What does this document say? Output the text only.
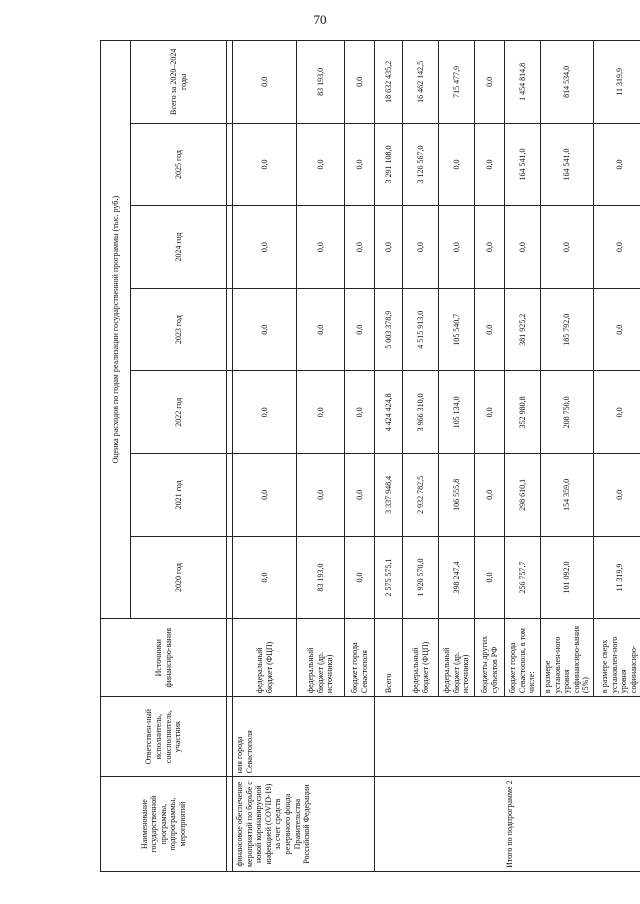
70
Наименование государственной программы, подпрограммы, мероприятий	Ответствен-ный исполнитель, соисполнитель, участник	Источники финансиро-вания	Оценка расходов по годам реализации государственной программы (тыс. руб.)						
			2020 год	2021 год	2022 год	2023 год	2024 год	2025 год	Всего за 2020–2024 годы

финансовое обеспечение мероприятий по борьбе с новой коронавирусной инфекцией (COVID-19) за счет средств резервного фонда Правительства Российской Федерации	ния города Севастополя	федеральный бюджет (ФЦП)	0,0	0,0	0,0	0,0	0,0	0,0	0,0
		федеральный бюджет (др. источники)	83 193,0	0,0	0,0	0,0	0,0	0,0	83 193,0
		бюджет города Севастополя	0,0	0,0	0,0	0,0	0,0	0,0	0,0
Итого по подпрограмме 2		Всего	2 575 575,1	3 337 948,4	4 424 424,8	5 003 378,9	0,0	3 291 108,0	18 632 435,2
		федеральный бюджет (ФЦП)	1 920 570,0	2 932 782,5	3 966 310,0	4 515 913,0	0,0	3 126 567,0	16 462 142,5
		федеральный бюджет (др. источники)	398 247,4	106 555,8	105 134,0	105 540,7	0,0	0,0	715 477,9
		бюджеты других субъектов РФ	0,0	0,0	0,0	0,0	0,0	0,0	0,0
		бюджет города Севастополя, в том числе:	256 757,7	298 610,1	352 980,8	381 925,2	0,0	164 541,0	1 454 814,8
		в размере установлен-ного уровня софинансиро-вания (5%)	101 092,0	154 359,0	208 750,0	185 792,0	0,0	164 541,0	814 534,0
		в размере сверх установлен-ного уровня софинансиро-	11 319,9	0,0	0,0	0,0	0,0	0,0	11 319,9
